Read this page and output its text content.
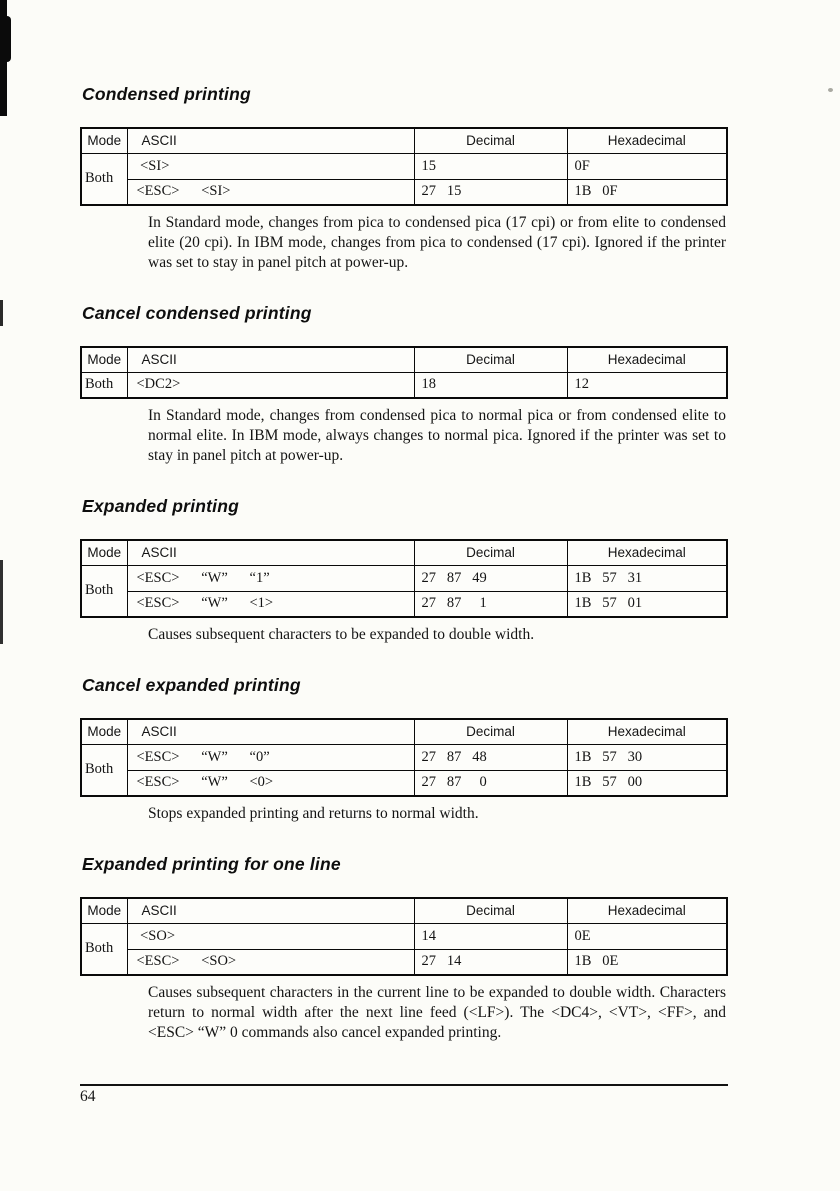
Condensed printing
Mode	ASCII	Decimal	Hexadecimal
Both	<SI>	15	0F
	<ESC>      <SI>	27   15	1B   0F

In Standard mode, changes from pica to condensed pica (17 cpi) or from elite to condensed elite (20 cpi). In IBM mode, changes from pica to condensed (17 cpi). Ignored if the printer was set to stay in panel pitch at power-up.

Cancel condensed printing
Mode	ASCII	Decimal	Hexadecimal
Both	<DC2>	18	12

In Standard mode, changes from condensed pica to normal pica or from condensed elite to normal elite. In IBM mode, always changes to normal pica. Ignored if the printer was set to stay in panel pitch at power-up.

Expanded printing
Mode	ASCII	Decimal	Hexadecimal
Both	<ESC>      “W”      “1”	27   87   49	1B   57   31
	<ESC>      “W”      <1>	27   87     1	1B   57   01

Causes subsequent characters to be expanded to double width.

Cancel expanded printing
Mode	ASCII	Decimal	Hexadecimal
Both	<ESC>      “W”      “0”	27   87   48	1B   57   30
	<ESC>      “W”      <0>	27   87     0	1B   57   00

Stops expanded printing and returns to normal width.

Expanded printing for one line
Mode	ASCII	Decimal	Hexadecimal
Both	<SO>	14	0E
	<ESC>      <SO>	27   14	1B   0E

Causes subsequent characters in the current line to be expanded to double width. Characters return to normal width after the next line feed (<LF>). The <DC4>, <VT>, <FF>, and <ESC> “W” 0 commands also cancel expanded printing.

64
